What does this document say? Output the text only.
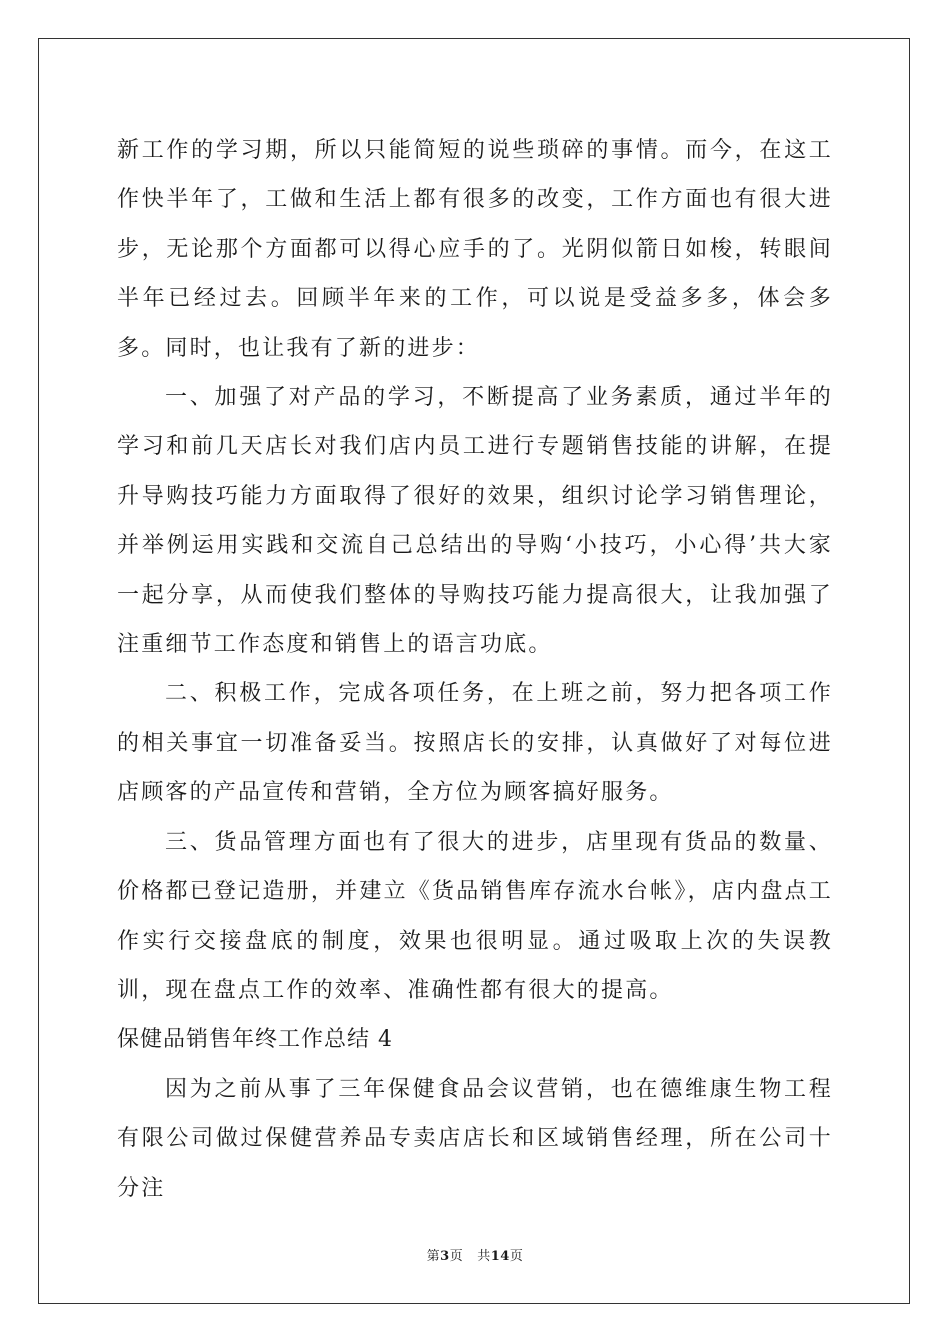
新工作的学习期，所以只能简短的说些琐碎的事情。而今，在这工作快半年了，工做和生活上都有很多的改变，工作方面也有很大进步，无论那个方面都可以得心应手的了。光阴似箭日如梭，转眼间半年已经过去。回顾半年来的工作，可以说是受益多多，体会多多。同时，也让我有了新的进步：

一、加强了对产品的学习，不断提高了业务素质，通过半年的学习和前几天店长对我们店内员工进行专题销售技能的讲解，在提升导购技巧能力方面取得了很好的效果，组织讨论学习销售理论，并举例运用实践和交流自己总结出的导购‘小技巧，小心得’共大家一起分享，从而使我们整体的导购技巧能力提高很大，让我加强了注重细节工作态度和销售上的语言功底。

二、积极工作，完成各项任务，在上班之前，努力把各项工作的相关事宜一切准备妥当。按照店长的安排，认真做好了对每位进店顾客的产品宣传和营销，全方位为顾客搞好服务。

三、货品管理方面也有了很大的进步，店里现有货品的数量、价格都已登记造册，并建立《货品销售库存流水台帐》，店内盘点工作实行交接盘底的制度，效果也很明显。通过吸取上次的失误教训，现在盘点工作的效率、准确性都有很大的提高。

保健品销售年终工作总结 4

因为之前从事了三年保健食品会议营销，也在德维康生物工程有限公司做过保健营养品专卖店店长和区域销售经理，所在公司十分注

第3页 共14页
